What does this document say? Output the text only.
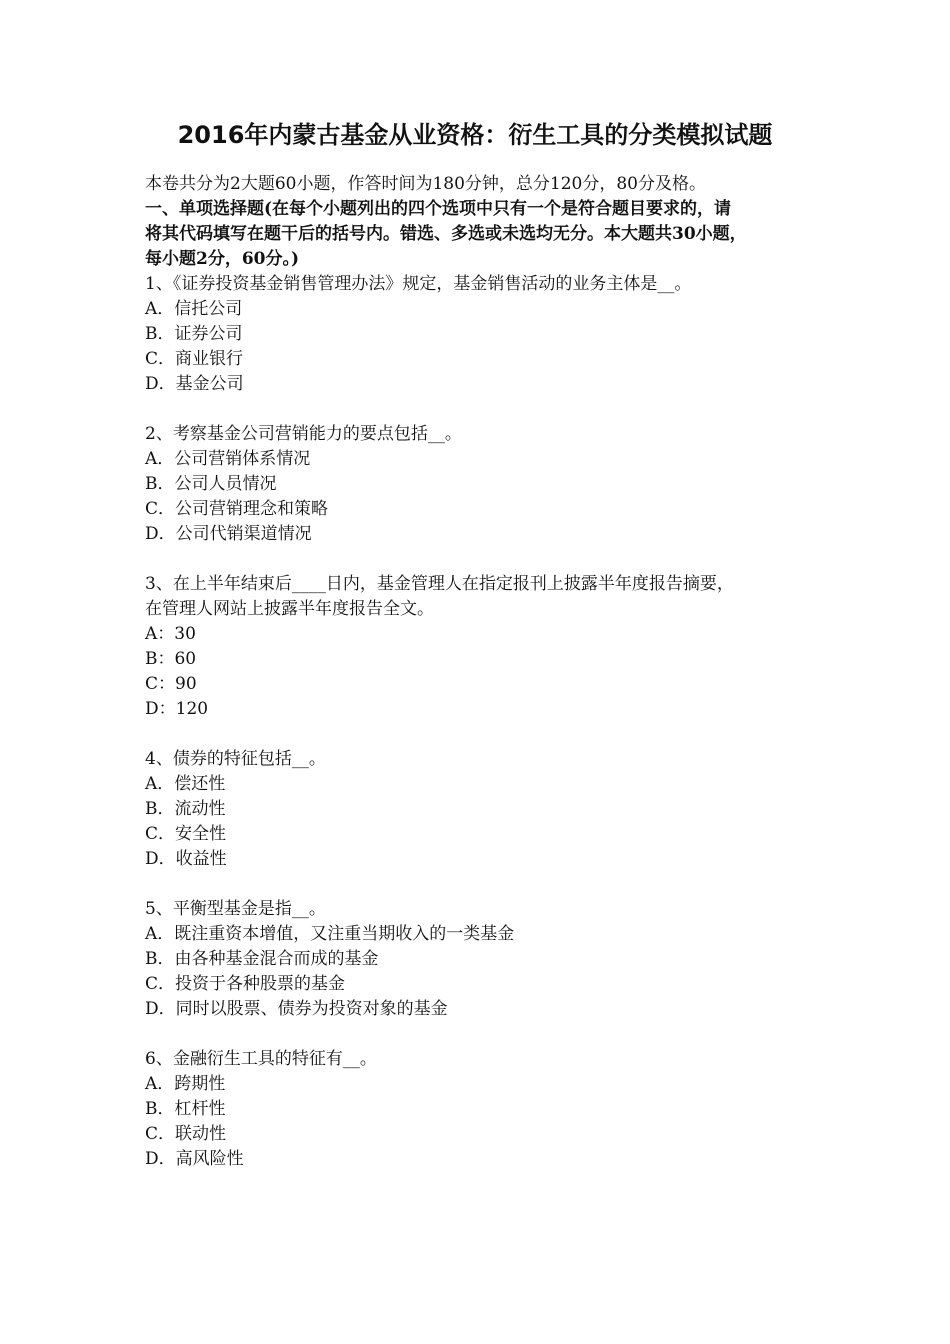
2016年内蒙古基金从业资格：衍生工具的分类模拟试题
本卷共分为2大题60小题，作答时间为180分钟，总分120分，80分及格。
一、单项选择题(在每个小题列出的四个选项中只有一个是符合题目要求的，请
将其代码填写在题干后的括号内。错选、多选或未选均无分。本大题共30小题，
每小题2分，60分。)
1、《证券投资基金销售管理办法》规定，基金销售活动的业务主体是__。
A．信托公司
B．证券公司
C．商业银行
D．基金公司
2、考察基金公司营销能力的要点包括__。
A．公司营销体系情况
B．公司人员情况
C．公司营销理念和策略
D．公司代销渠道情况
3、在上半年结束后____日内，基金管理人在指定报刊上披露半年度报告摘要，
在管理人网站上披露半年度报告全文。
A：30
B：60
C：90
D：120
4、债券的特征包括__。
A．偿还性
B．流动性
C．安全性
D．收益性
5、平衡型基金是指__。
A．既注重资本增值，又注重当期收入的一类基金
B．由各种基金混合而成的基金
C．投资于各种股票的基金
D．同时以股票、债券为投资对象的基金
6、金融衍生工具的特征有__。
A．跨期性
B．杠杆性
C．联动性
D．高风险性
